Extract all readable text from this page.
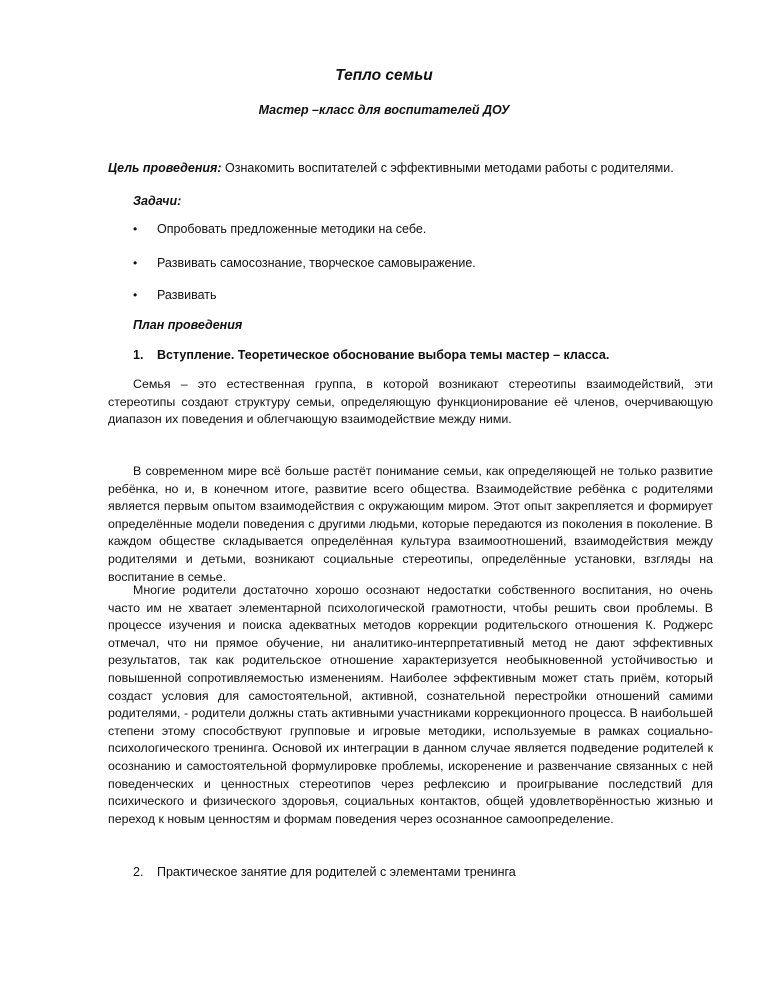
Тепло семьи
Мастер –класс для воспитателей ДОУ
Цель проведения: Ознакомить воспитателей с эффективными методами работы с родителями.
Задачи:
• Опробовать предложенные методики на себе.
• Развивать самосознание, творческое самовыражение.
• Развивать
План проведения
1. Вступление. Теоретическое обоснование выбора темы мастер – класса.
Семья – это естественная группа, в которой возникают стереотипы взаимодействий, эти стереотипы создают структуру семьи, определяющую функционирование её членов, очерчивающую диапазон их поведения и облегчающую взаимодействие между ними.
В современном мире всё больше растёт понимание семьи, как определяющей не только развитие ребёнка, но и, в конечном итоге, развитие всего общества. Взаимодействие ребёнка с родителями является первым опытом взаимодействия с окружающим миром. Этот опыт закрепляется и формирует определённые модели поведения с другими людьми, которые передаются из поколения в поколение. В каждом обществе складывается определённая культура взаимоотношений, взаимодействия между родителями и детьми, возникают социальные стереотипы, определённые установки, взгляды на воспитание в семье.
Многие родители достаточно хорошо осознают недостатки собственного воспитания, но очень часто им не хватает элементарной психологической грамотности, чтобы решить свои проблемы. В процессе изучения и поиска адекватных методов коррекции родительского отношения К. Роджерс отмечал, что ни прямое обучение, ни аналитико-интерпретативный метод не дают эффективных результатов, так как родительское отношение характеризуется необыкновенной устойчивостью и повышенной сопротивляемостью изменениям. Наиболее эффективным может стать приём, который создаст условия для самостоятельной, активной, сознательной перестройки отношений самими родителями, - родители должны стать активными участниками коррекционного процесса. В наибольшей степени этому способствуют групповые и игровые методики, используемые в рамках социально-психологического тренинга. Основой их интеграции в данном случае является подведение родителей к осознанию и самостоятельной формулировке проблемы, искоренение и развенчание связанных с ней поведенческих и ценностных стереотипов через рефлексию и проигрывание последствий для психического и физического здоровья, социальных контактов, общей удовлетворённостью жизнью и переход к новым ценностям и формам поведения через осознанное самоопределение.
2. Практическое занятие для родителей с элементами тренинга
